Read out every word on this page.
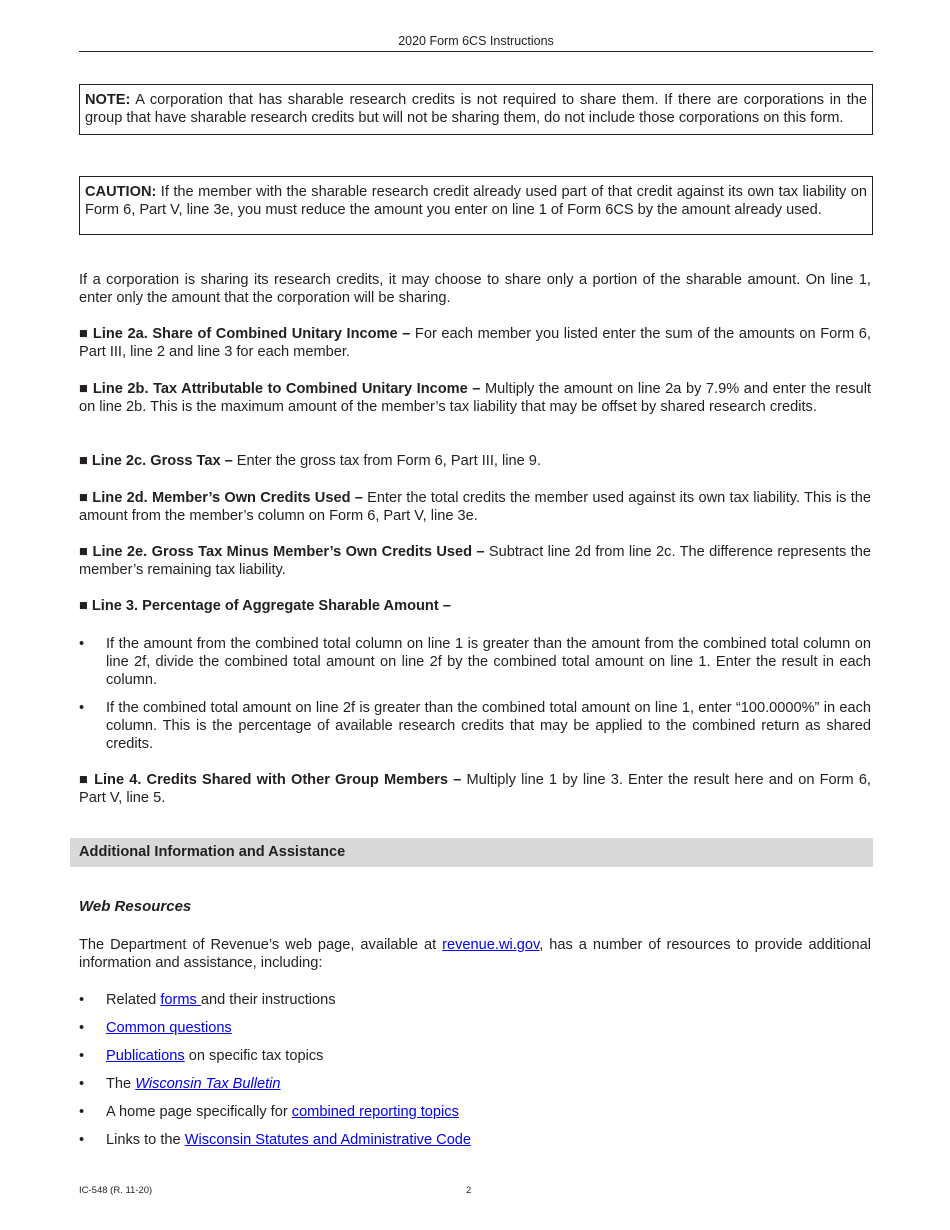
2020 Form 6CS Instructions
NOTE: A corporation that has sharable research credits is not required to share them. If there are corporations in the group that have sharable research credits but will not be sharing them, do not include those corporations on this form.
CAUTION: If the member with the sharable research credit already used part of that credit against its own tax liability on Form 6, Part V, line 3e, you must reduce the amount you enter on line 1 of Form 6CS by the amount already used.

If a corporation is sharing its research credits, it may choose to share only a portion of the sharable amount. On line 1, enter only the amount that the corporation will be sharing.

■ Line 2a. Share of Combined Unitary Income – For each member you listed enter the sum of the amounts on Form 6, Part III, line 2 and line 3 for each member.

■ Line 2b. Tax Attributable to Combined Unitary Income – Multiply the amount on line 2a by 7.9% and enter the result on line 2b. This is the maximum amount of the member’s tax liability that may be offset by shared research credits.

■ Line 2c. Gross Tax – Enter the gross tax from Form 6, Part III, line 9.

■ Line 2d. Member’s Own Credits Used – Enter the total credits the member used against its own tax liability. This is the amount from the member’s column on Form 6, Part V, line 3e.

■ Line 2e. Gross Tax Minus Member’s Own Credits Used – Subtract line 2d from line 2c. The difference represents the member’s remaining tax liability.

■ Line 3. Percentage of Aggregate Sharable Amount –

• If the amount from the combined total column on line 1 is greater than the amount from the combined total column on line 2f, divide the combined total amount on line 2f by the combined total amount on line 1. Enter the result in each column.
• If the combined total amount on line 2f is greater than the combined total amount on line 1, enter “100.0000%” in each column. This is the percentage of available research credits that may be applied to the combined return as shared credits.

■ Line 4. Credits Shared with Other Group Members – Multiply line 1 by line 3. Enter the result here and on Form 6, Part V, line 5.

Additional Information and Assistance
Web Resources

The Department of Revenue’s web page, available at revenue.wi.gov, has a number of resources to provide additional information and assistance, including:

• Related forms and their instructions
• Common questions
• Publications on specific tax topics
• The Wisconsin Tax Bulletin
• A home page specifically for combined reporting topics
• Links to the Wisconsin Statutes and Administrative Code
IC-548 (R. 11-20)	2
